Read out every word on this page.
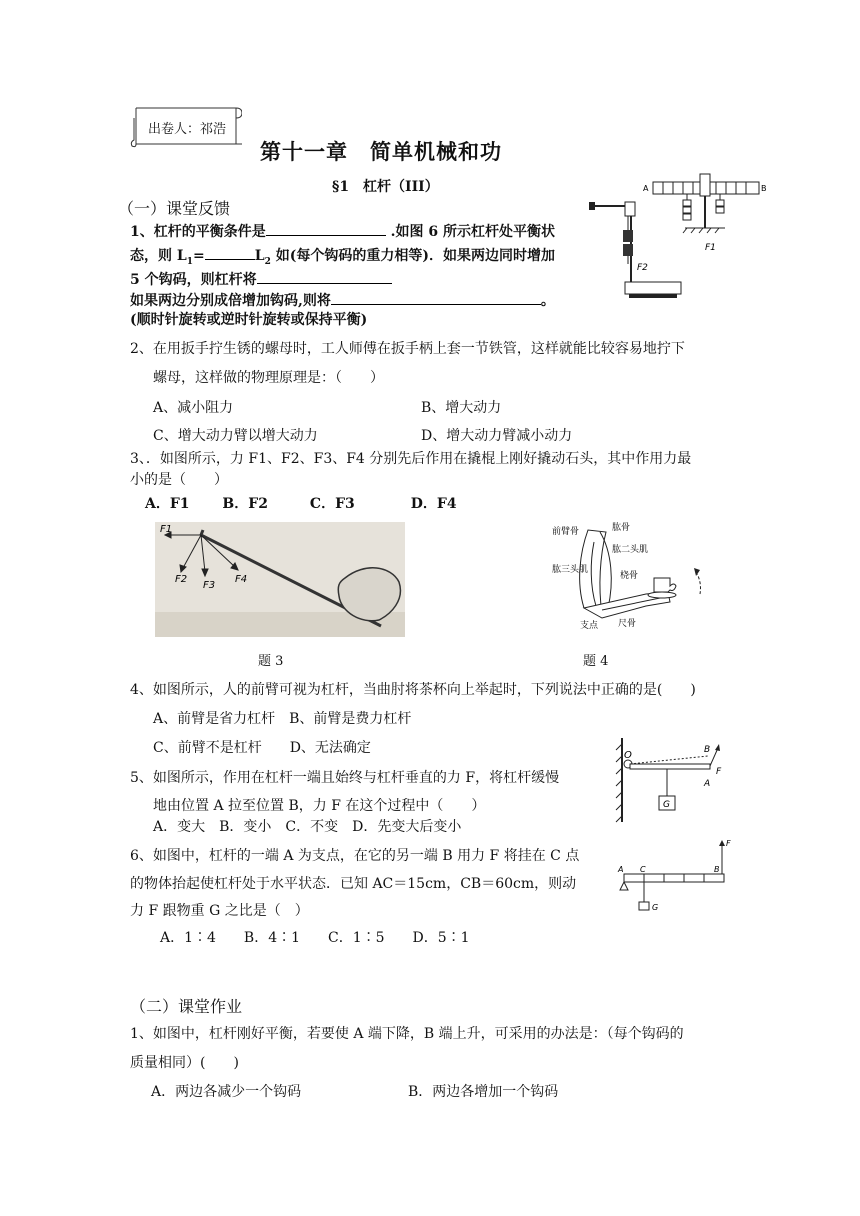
出卷人：祁浩
第十一章　简单机械和功
§1　杠杆（III）
（一）课堂反馈
1、杠杆的平衡条件是	.如图 6 所示杠杆处平衡状
态，则 $L_1=$	$L_2$ 如(每个钩码的重力相等)．如果两边同时增加
5 个钩码，则杠杆将
如果两边分别成倍增加钩码,则将	。
(顺时针旋转或逆时针旋转或保持平衡)
A	B
F1
F2
2、在用扳手拧生锈的螺母时，工人师傅在扳手柄上套一节铁管，这样就能比较容易地拧下
螺母，这样做的物理原理是：（　　）
A、减小阻力	B、增大动力
C、增大动力臂以增大动力	D、增大动力臂减小动力
3、．如图所示，力 F1、F2、F3、F4 分别先后作用在撬棍上刚好撬动石头，其中作用力最
小的是（　　）
A．F1　　 B．F2　　　C．F3　　　　D．F4
F1
F2
F3
F4
前臂骨	肱骨
肱二头肌
肱三头肌
桡骨
支点 尺骨
题 3	题 4
4、如图所示，人的前臂可视为杠杆，当曲肘将茶杯向上举起时，下列说法中正确的是(　　)
A、前臂是省力杠杆　B、前臂是费力杠杆
C、前臂不是杠杆　　D、无法确定	O	B
F
A
G
5、如图所示，作用在杠杆一端且始终与杠杆垂直的力 F，将杠杆缓慢
地由位置 A 拉至位置 B，力 F 在这个过程中（　　）
A．变大　B．变小　C．不变　D．先变大后变小
6、如图中，杠杆的一端 A 为支点，在它的另一端 B 用力 F 将挂在 C 点
的物体抬起使杠杆处于水平状态．已知 AC＝15cm，CB＝60cm，则动
力 F 跟物重 G 之比是（　）
A．1∶4　　B．4∶1　　C．1∶5　　D．5∶1
A C	B
F
G
（二）课堂作业
1、如图中，杠杆刚好平衡，若要使 A 端下降，B 端上升，可采用的办法是：（每个钩码的
质量相同）(　　)
A．两边各减少一个钩码	B．两边各增加一个钩码
